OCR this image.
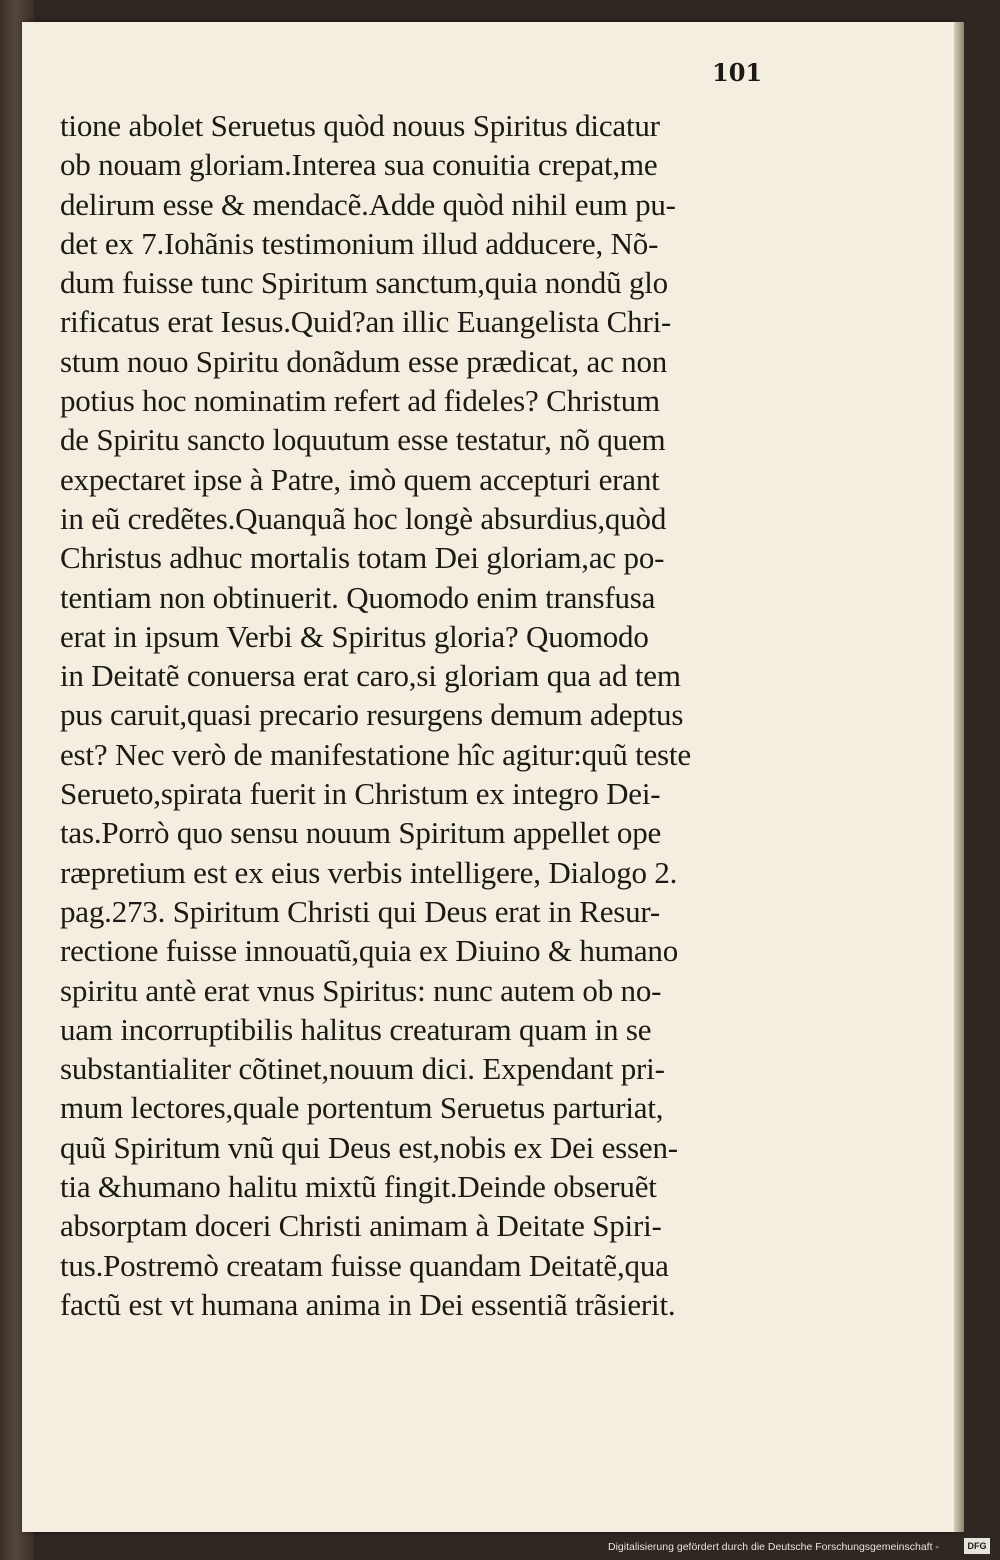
101
tione abolet Seruetus quòd nouus Spiritus dicatur
ob nouam gloriam.Interea sua conuitia crepat,me
delirum esse & mendacẽ.Adde quòd nihil eum pu-
det ex 7.Iohãnis testimonium illud adducere, Nõ-
dum fuisse tunc Spiritum sanctum,quia nondũ glo
rificatus erat Iesus.Quid?an illic Euangelista Chri-
stum nouo Spiritu donãdum esse prædicat, ac non
potius hoc nominatim refert ad fideles? Christum
de Spiritu sancto loquutum esse testatur, nõ quem
expectaret ipse à Patre, imò quem accepturi erant
in eũ credẽtes.Quanquã hoc longè absurdius,quòd
Christus adhuc mortalis totam Dei gloriam,ac po-
tentiam non obtinuerit. Quomodo enim transfusa
erat in ipsum Verbi & Spiritus gloria? Quomodo
in Deitatẽ conuersa erat caro,si gloriam qua ad tem
pus caruit,quasi precario resurgens demum adeptus
est? Nec verò de manifestatione hîc agitur:quũ teste
Serueto,spirata fuerit in Christum ex integro Dei-
tas.Porrò quo sensu nouum Spiritum appellet ope
ræpretium est ex eius verbis intelligere, Dialogo 2.
pag.273. Spiritum Christi qui Deus erat in Resur-
rectione fuisse innouatũ,quia ex Diuino & humano
spiritu antè erat vnus Spiritus: nunc autem ob no-
uam incorruptibilis halitus creaturam quam in se
substantialiter cõtinet,nouum dici. Expendant pri-
mum lectores,quale portentum Seruetus parturiat,
quũ Spiritum vnũ qui Deus est,nobis ex Dei essen-
tia &humano halitu mixtũ fingit.Deinde obseruẽt
absorptam doceri Christi animam à Deitate Spiri-
tus.Postremò creatam fuisse quandam Deitatẽ,qua
factũ est vt humana anima in Dei essentiã trãsierit.
Digitalisierung gefördert durch die Deutsche Forschungsgemeinschaft -	DFG
